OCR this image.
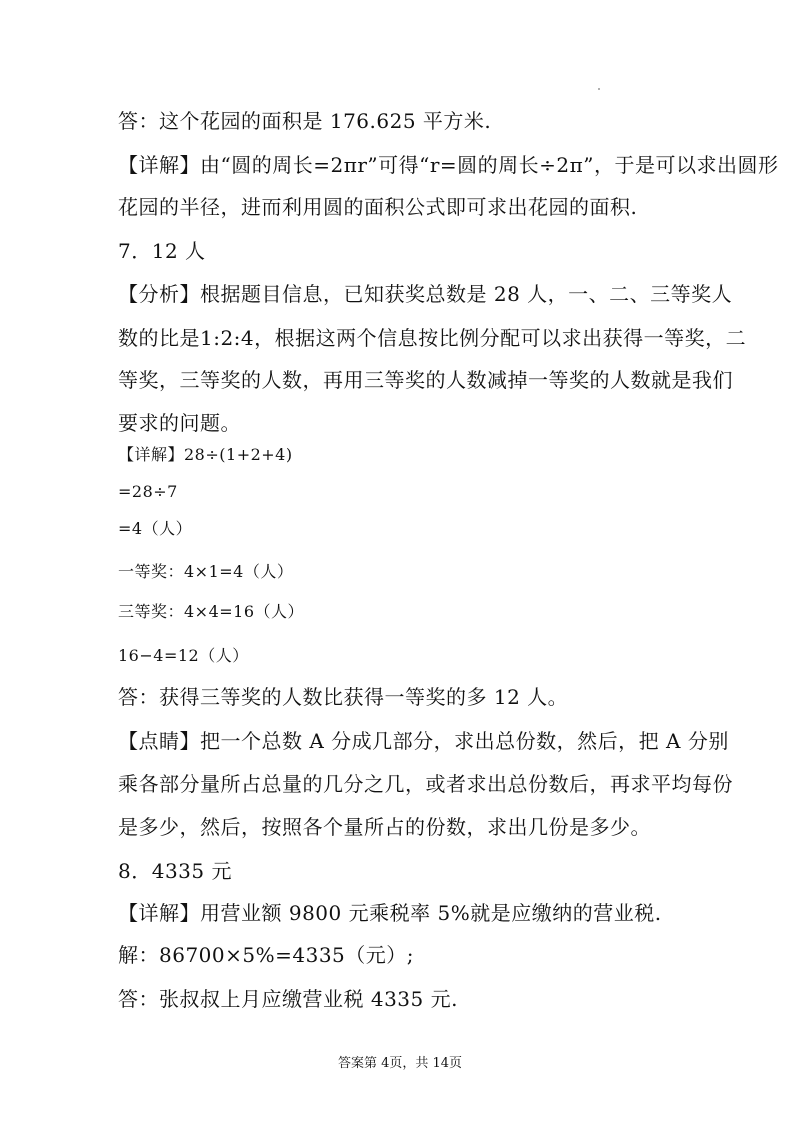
答：这个花园的面积是 176.625 平方米.
【详解】由“圆的周长=2πr”可得“r=圆的周长÷2π”，于是可以求出圆形
花园的半径，进而利用圆的面积公式即可求出花园的面积.
7．12 人
【分析】根据题目信息，已知获奖总数是 28 人，一、二、三等奖人
数的比是1:2:4，根据这两个信息按比例分配可以求出获得一等奖，二
等奖，三等奖的人数，再用三等奖的人数减掉一等奖的人数就是我们
要求的问题。
【详解】28÷(1+2+4)
=28÷7
=4（人）
一等奖：4×1=4（人）
三等奖：4×4=16（人）
16−4=12（人）
答：获得三等奖的人数比获得一等奖的多 12 人。
【点睛】把一个总数 A 分成几部分，求出总份数，然后，把 A 分别
乘各部分量所占总量的几分之几，或者求出总份数后，再求平均每份
是多少，然后，按照各个量所占的份数，求出几份是多少。
8．4335 元
【详解】用营业额 9800 元乘税率 5%就是应缴纳的营业税.
解：86700×5%=4335（元）;
答：张叔叔上月应缴营业税 4335 元.
答案第 4页，共 14页
